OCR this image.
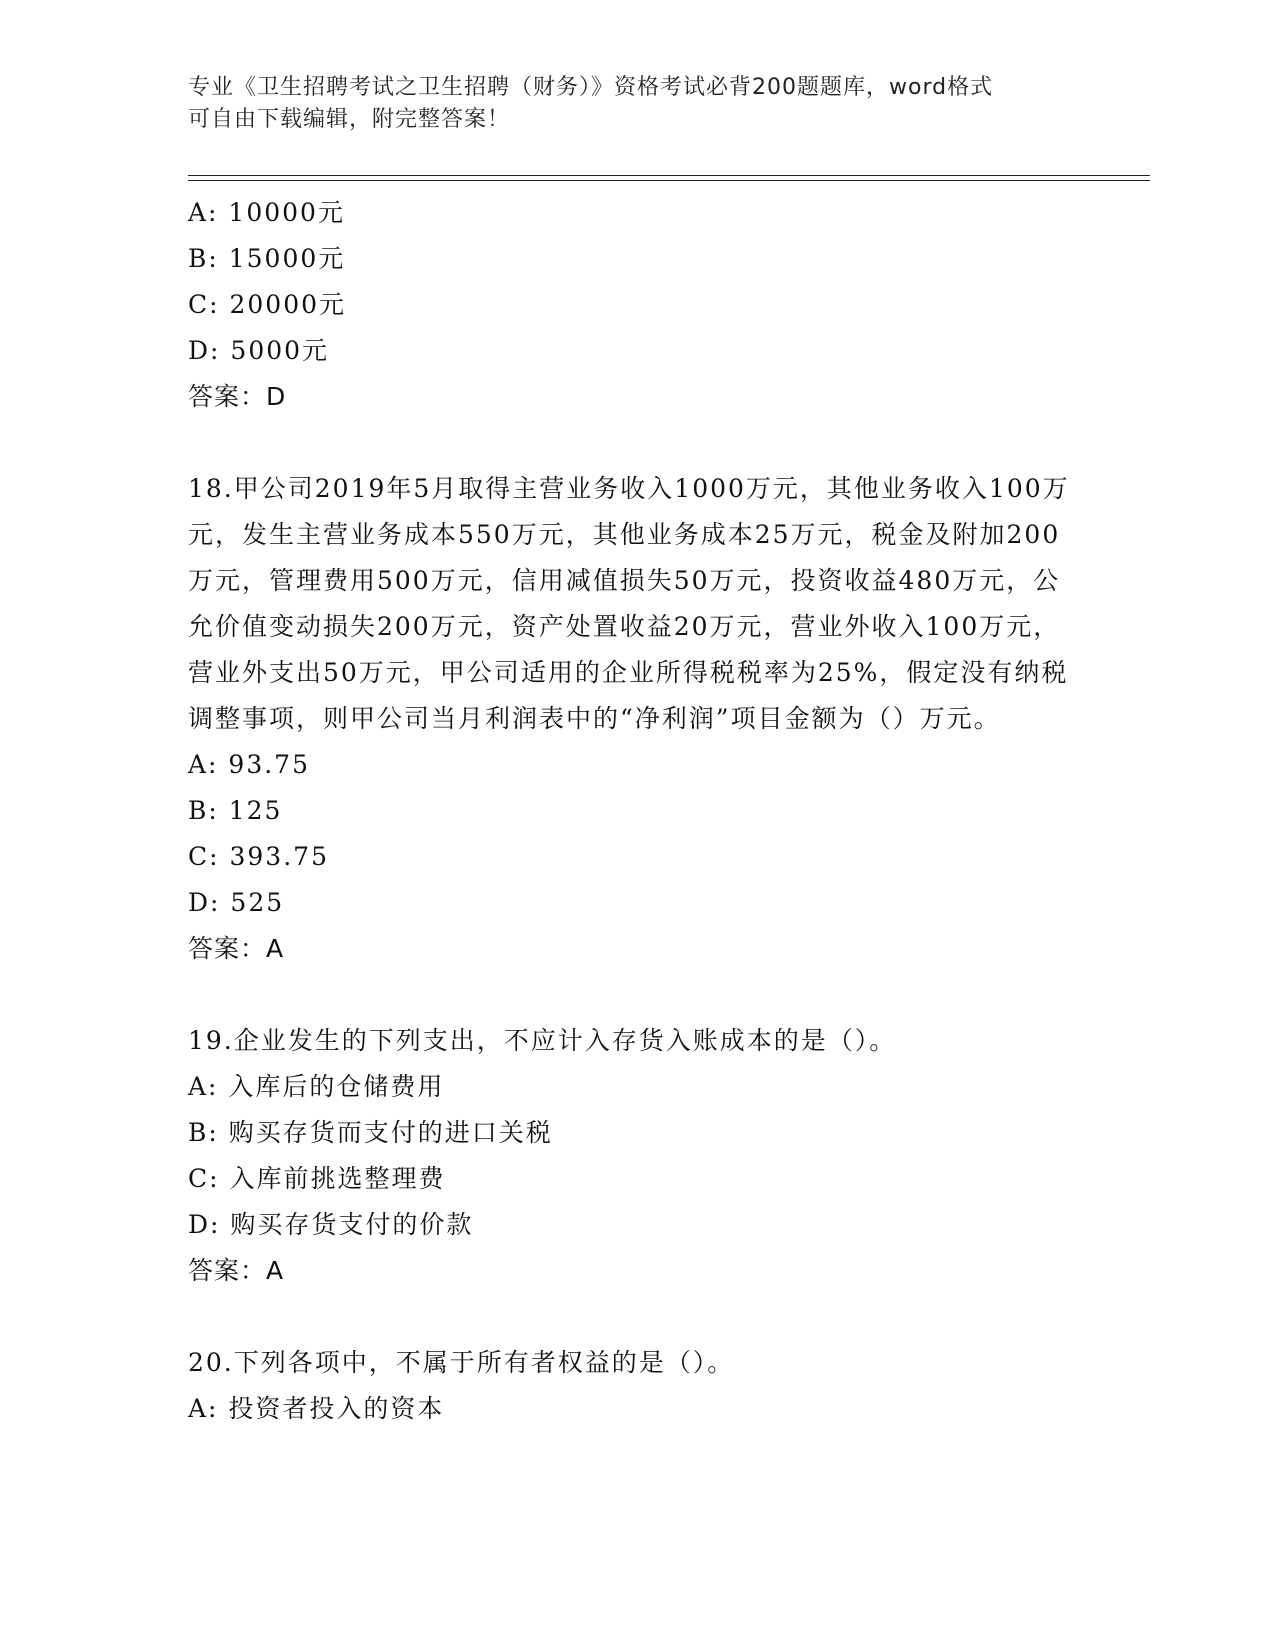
专业《卫生招聘考试之卫生招聘（财务）》资格考试必背200题题库，word格式
可自由下载编辑，附完整答案！
A: 10000元
B: 15000元
C: 20000元
D: 5000元
答案：D
18.甲公司2019年5月取得主营业务收入1000万元，其他业务收入100万元，发生主营业务成本550万元，其他业务成本25万元，税金及附加200万元，管理费用500万元，信用减值损失50万元，投资收益480万元，公允价值变动损失200万元，资产处置收益20万元，营业外收入100万元，营业外支出50万元，甲公司适用的企业所得税税率为25%，假定没有纳税调整事项，则甲公司当月利润表中的“净利润”项目金额为（）万元。
A: 93.75
B: 125
C: 393.75
D: 525
答案：A
19.企业发生的下列支出，不应计入存货入账成本的是（）。
A: 入库后的仓储费用
B: 购买存货而支付的进口关税
C: 入库前挑选整理费
D: 购买存货支付的价款
答案：A
20.下列各项中，不属于所有者权益的是（）。
A: 投资者投入的资本
